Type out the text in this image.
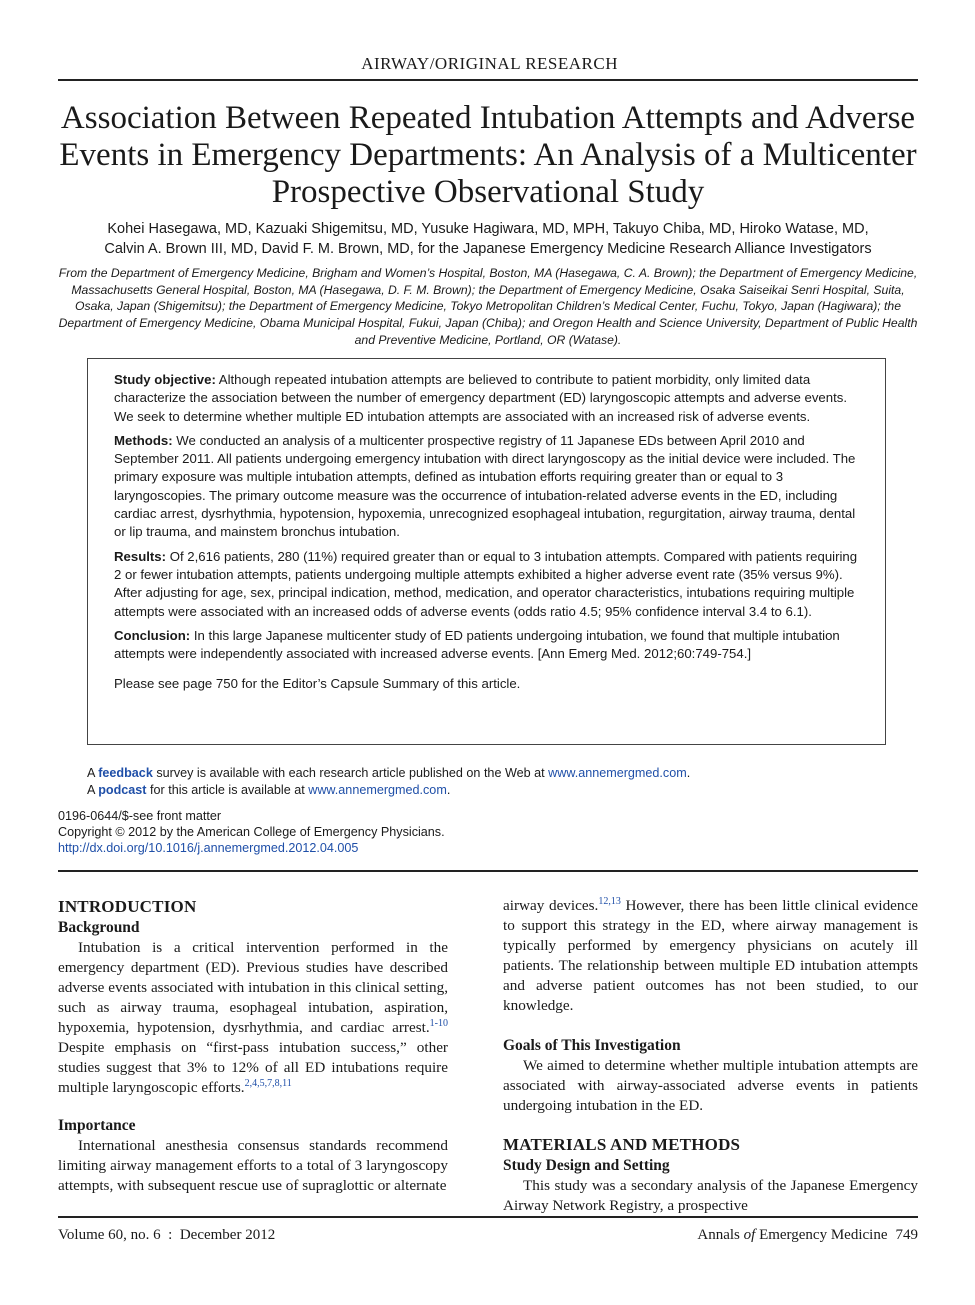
AIRWAY/ORIGINAL RESEARCH
Association Between Repeated Intubation Attempts and Adverse Events in Emergency Departments: An Analysis of a Multicenter Prospective Observational Study
Kohei Hasegawa, MD, Kazuaki Shigemitsu, MD, Yusuke Hagiwara, MD, MPH, Takuyo Chiba, MD, Hiroko Watase, MD,
Calvin A. Brown III, MD, David F. M. Brown, MD, for the Japanese Emergency Medicine Research Alliance Investigators
From the Department of Emergency Medicine, Brigham and Women’s Hospital, Boston, MA (Hasegawa, C. A. Brown); the Department of Emergency Medicine, Massachusetts General Hospital, Boston, MA (Hasegawa, D. F. M. Brown); the Department of Emergency Medicine, Osaka Saiseikai Senri Hospital, Suita, Osaka, Japan (Shigemitsu); the Department of Emergency Medicine, Tokyo Metropolitan Children’s Medical Center, Fuchu, Tokyo, Japan (Hagiwara); the Department of Emergency Medicine, Obama Municipal Hospital, Fukui, Japan (Chiba); and Oregon Health and Science University, Department of Public Health and Preventive Medicine, Portland, OR (Watase).

Study objective: Although repeated intubation attempts are believed to contribute to patient morbidity, only limited data characterize the association between the number of emergency department (ED) laryngoscopic attempts and adverse events. We seek to determine whether multiple ED intubation attempts are associated with an increased risk of adverse events.

Methods: We conducted an analysis of a multicenter prospective registry of 11 Japanese EDs between April 2010 and September 2011. All patients undergoing emergency intubation with direct laryngoscopy as the initial device were included. The primary exposure was multiple intubation attempts, defined as intubation efforts requiring greater than or equal to 3 laryngoscopies. The primary outcome measure was the occurrence of intubation-related adverse events in the ED, including cardiac arrest, dysrhythmia, hypotension, hypoxemia, unrecognized esophageal intubation, regurgitation, airway trauma, dental or lip trauma, and mainstem bronchus intubation.

Results: Of 2,616 patients, 280 (11%) required greater than or equal to 3 intubation attempts. Compared with patients requiring 2 or fewer intubation attempts, patients undergoing multiple attempts exhibited a higher adverse event rate (35% versus 9%). After adjusting for age, sex, principal indication, method, medication, and operator characteristics, intubations requiring multiple attempts were associated with an increased odds of adverse events (odds ratio 4.5; 95% confidence interval 3.4 to 6.1).

Conclusion: In this large Japanese multicenter study of ED patients undergoing intubation, we found that multiple intubation attempts were independently associated with increased adverse events. [Ann Emerg Med. 2012;60:749-754.]

Please see page 750 for the Editor’s Capsule Summary of this article.

A feedback survey is available with each research article published on the Web at www.annemergmed.com.
A podcast for this article is available at www.annemergmed.com.
0196-0644/$-see front matter
Copyright © 2012 by the American College of Emergency Physicians.
http://dx.doi.org/10.1016/j.annemergmed.2012.04.005
INTRODUCTION
Background

Intubation is a critical intervention performed in the emergency department (ED). Previous studies have described adverse events associated with intubation in this clinical setting, such as airway trauma, esophageal intubation, aspiration, hypoxemia, hypotension, dysrhythmia, and cardiac arrest.$^{1-10}$ Despite emphasis on “first-pass intubation success,” other studies suggest that 3% to 12% of all ED intubations require multiple laryngoscopic efforts.$^{2,4,5,7,8,11}$

Importance

International anesthesia consensus standards recommend limiting airway management efforts to a total of 3 laryngoscopy attempts, with subsequent rescue use of supraglottic or alternate

airway devices.$^{12,13}$ However, there has been little clinical evidence to support this strategy in the ED, where airway management is typically performed by emergency physicians on acutely ill patients. The relationship between multiple ED intubation attempts and adverse patient outcomes has not been studied, to our knowledge.

Goals of This Investigation

We aimed to determine whether multiple intubation attempts are associated with airway-associated adverse events in patients undergoing intubation in the ED.

MATERIALS AND METHODS
Study Design and Setting

This study was a secondary analysis of the Japanese Emergency Airway Network Registry, a prospective

Volume 60, no. 6 : December 2012	Annals of Emergency Medicine 749
